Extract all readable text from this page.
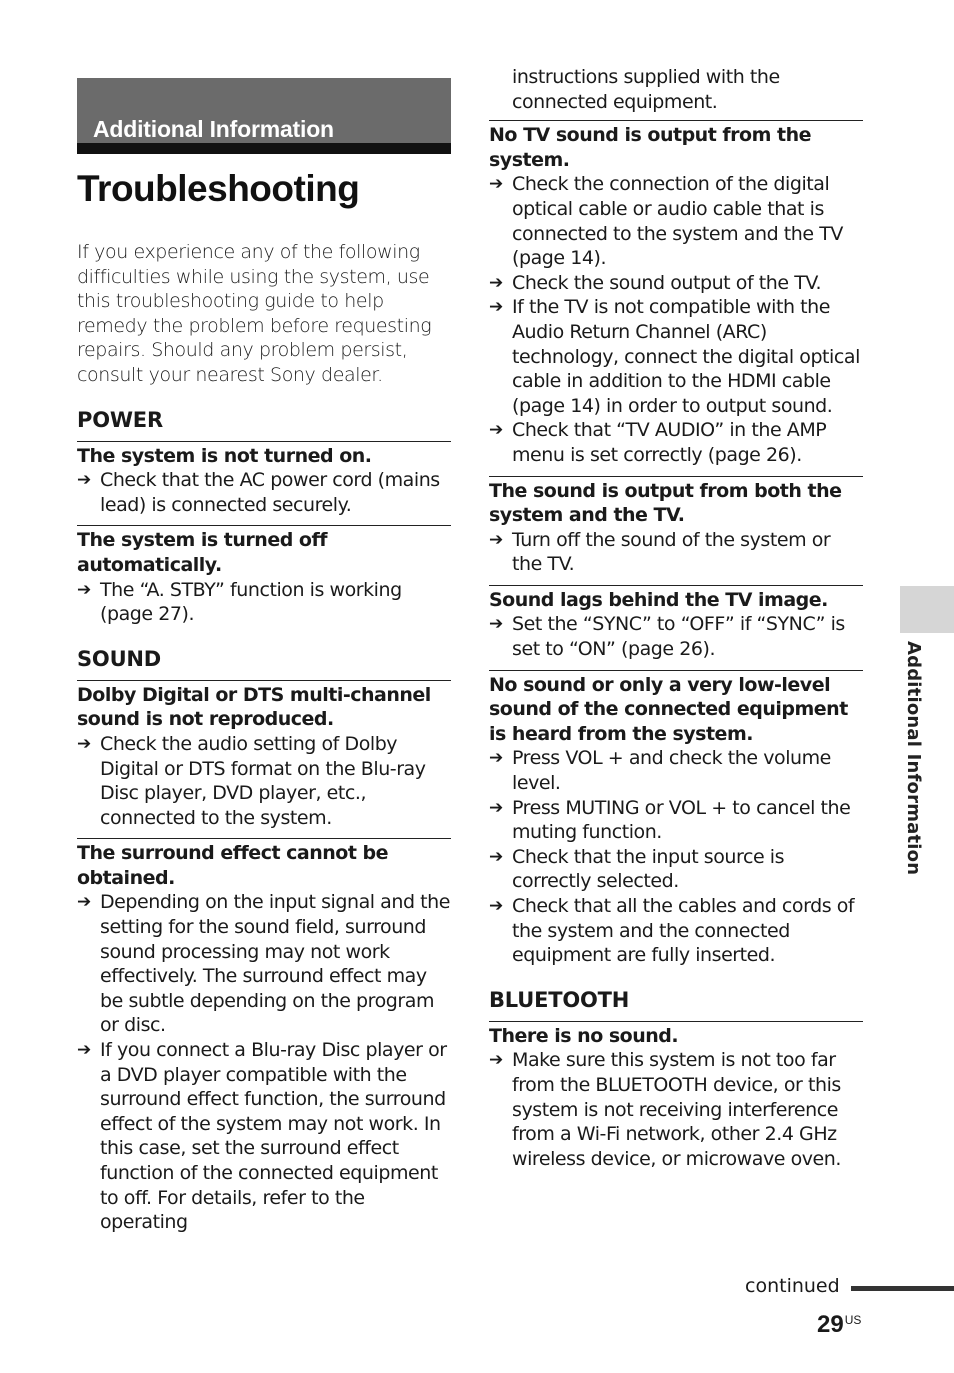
Additional Information
Troubleshooting

If you experience any of the following difficulties while using the system, use this troubleshooting guide to help remedy the problem before requesting repairs. Should any problem persist, consult your nearest Sony dealer.

POWER
The system is not turned on.
➔ Check that the AC power cord (mains lead) is connected securely.
The system is turned off automatically.
➔ The “A. STBY” function is working (page 27).
SOUND
Dolby Digital or DTS multi-channel sound is not reproduced.
➔ Check the audio setting of Dolby Digital or DTS format on the Blu-ray Disc player, DVD player, etc., connected to the system.
The surround effect cannot be obtained.
➔ Depending on the input signal and the setting for the sound field, surround sound processing may not work effectively. The surround effect may be subtle depending on the program or disc.
➔ If you connect a Blu-ray Disc player or a DVD player compatible with the surround effect function, the surround effect of the system may not work. In this case, set the surround effect function of the connected equipment to off. For details, refer to the operating
instructions supplied with the connected equipment.
No TV sound is output from the system.
➔ Check the connection of the digital optical cable or audio cable that is connected to the system and the TV (page 14).
➔ Check the sound output of the TV.
➔ If the TV is not compatible with the Audio Return Channel (ARC) technology, connect the digital optical cable in addition to the HDMI cable (page 14) in order to output sound.
➔ Check that “TV AUDIO” in the AMP menu is set correctly (page 26).
The sound is output from both the system and the TV.
➔ Turn off the sound of the system or the TV.
Sound lags behind the TV image.
➔ Set the “SYNC” to “OFF” if “SYNC” is set to “ON” (page 26).
No sound or only a very low-level sound of the connected equipment is heard from the system.
➔ Press VOL + and check the volume level.
➔ Press MUTING or VOL + to cancel the muting function.
➔ Check that the input source is correctly selected.
➔ Check that all the cables and cords of the system and the connected equipment are fully inserted.
BLUETOOTH
There is no sound.
➔ Make sure this system is not too far from the BLUETOOTH device, or this system is not receiving interference from a Wi-Fi network, other 2.4 GHz wireless device, or microwave oven.
Additional Information
continued
$29^{US}$
